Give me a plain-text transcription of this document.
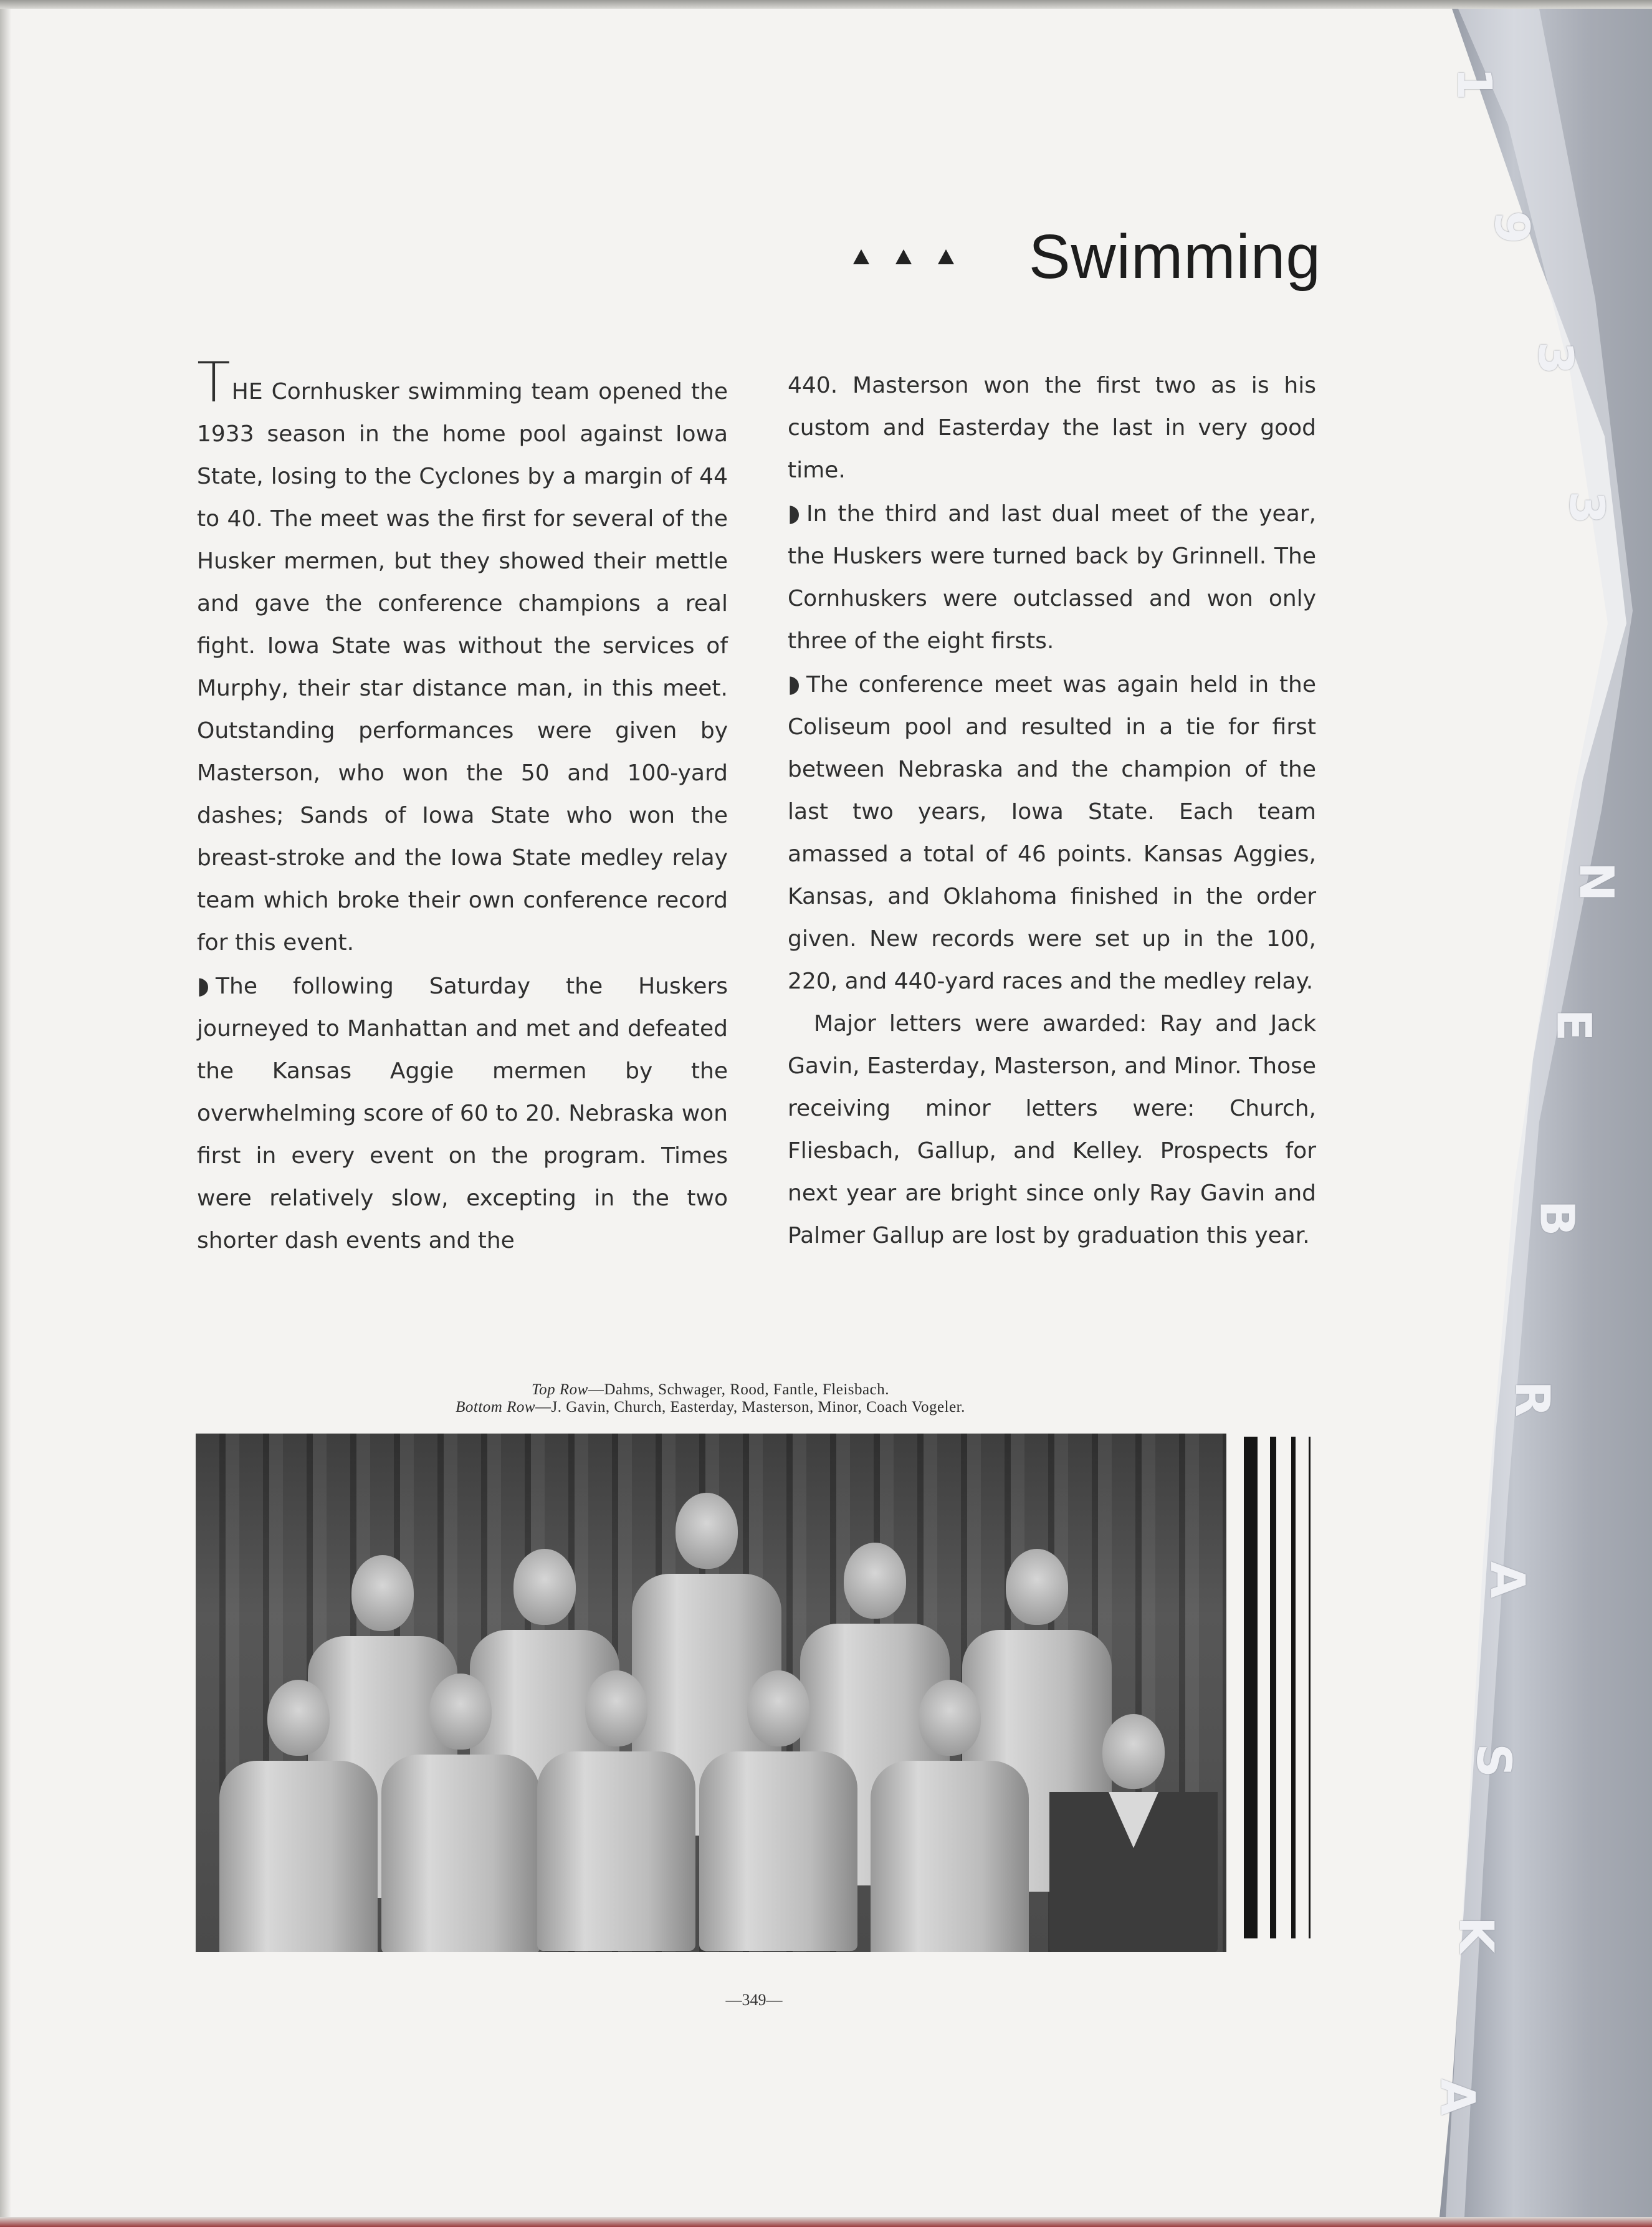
1
9
3
3
N
E
B
R
A
S
K
A
Swimming

THE Cornhusker swimming team opened the 1933 season in the home pool against Iowa State, losing to the Cyclones by a margin of 44 to 40. The meet was the first for several of the Husker mermen, but they showed their mettle and gave the conference champions a real fight. Iowa State was without the services of Murphy, their star distance man, in this meet. Outstanding performances were given by Masterson, who won the 50 and 100-yard dashes; Sands of Iowa State who won the breast-stroke and the Iowa State medley relay team which broke their own conference record for this event.

◗ The following Saturday the Huskers journeyed to Manhattan and met and defeated the Kansas Aggie mermen by the overwhelming score of 60 to 20. Nebraska won first in every event on the program. Times were relatively slow, excepting in the two shorter dash events and the

440. Masterson won the first two as is his custom and Easterday the last in very good time.

◗ In the third and last dual meet of the year, the Huskers were turned back by Grinnell. The Cornhuskers were outclassed and won only three of the eight firsts.

◗ The conference meet was again held in the Coliseum pool and resulted in a tie for first between Nebraska and the champion of the last two years, Iowa State. Each team amassed a total of 46 points. Kansas Aggies, Kansas, and Oklahoma finished in the order given. New records were set up in the 100, 220, and 440-yard races and the medley relay.

Major letters were awarded: Ray and Jack Gavin, Easterday, Masterson, and Minor. Those receiving minor letters were: Church, Fliesbach, Gallup, and Kelley. Prospects for next year are bright since only Ray Gavin and Palmer Gallup are lost by graduation this year.

Top Row—Dahms, Schwager, Rood, Fantle, Fleisbach.
Bottom Row—J. Gavin, Church, Easterday, Masterson, Minor, Coach Vogeler.
—349—
